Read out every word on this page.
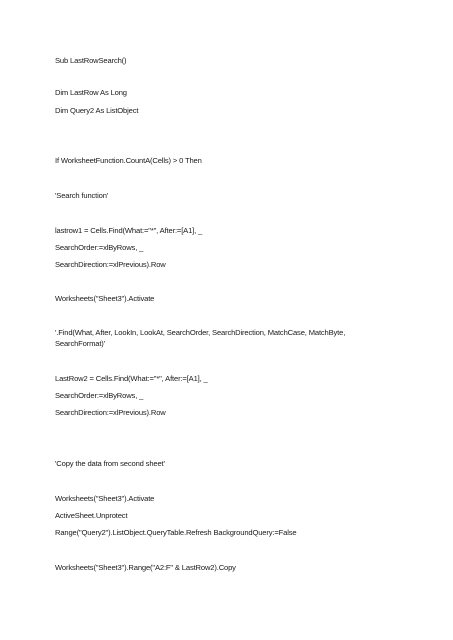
Sub LastRowSearch()
Dim LastRow As Long
Dim Query2 As ListObject
If WorksheetFunction.CountA(Cells) > 0 Then
'Search function'
lastrow1 = Cells.Find(What:="*", After:=[A1], _
SearchOrder:=xlByRows, _
SearchDirection:=xlPrevious).Row
Worksheets("Sheet3").Activate
'.Find(What, After, LookIn, LookAt, SearchOrder, SearchDirection, MatchCase, MatchByte, SearchFormat)'
LastRow2 = Cells.Find(What:="*", After:=[A1], _
SearchOrder:=xlByRows, _
SearchDirection:=xlPrevious).Row
'Copy the data from second sheet'
Worksheets("Sheet3").Activate
ActiveSheet.Unprotect
Range("Query2").ListObject.QueryTable.Refresh BackgroundQuery:=False
Worksheets("Sheet3").Range("A2:F" & LastRow2).Copy
